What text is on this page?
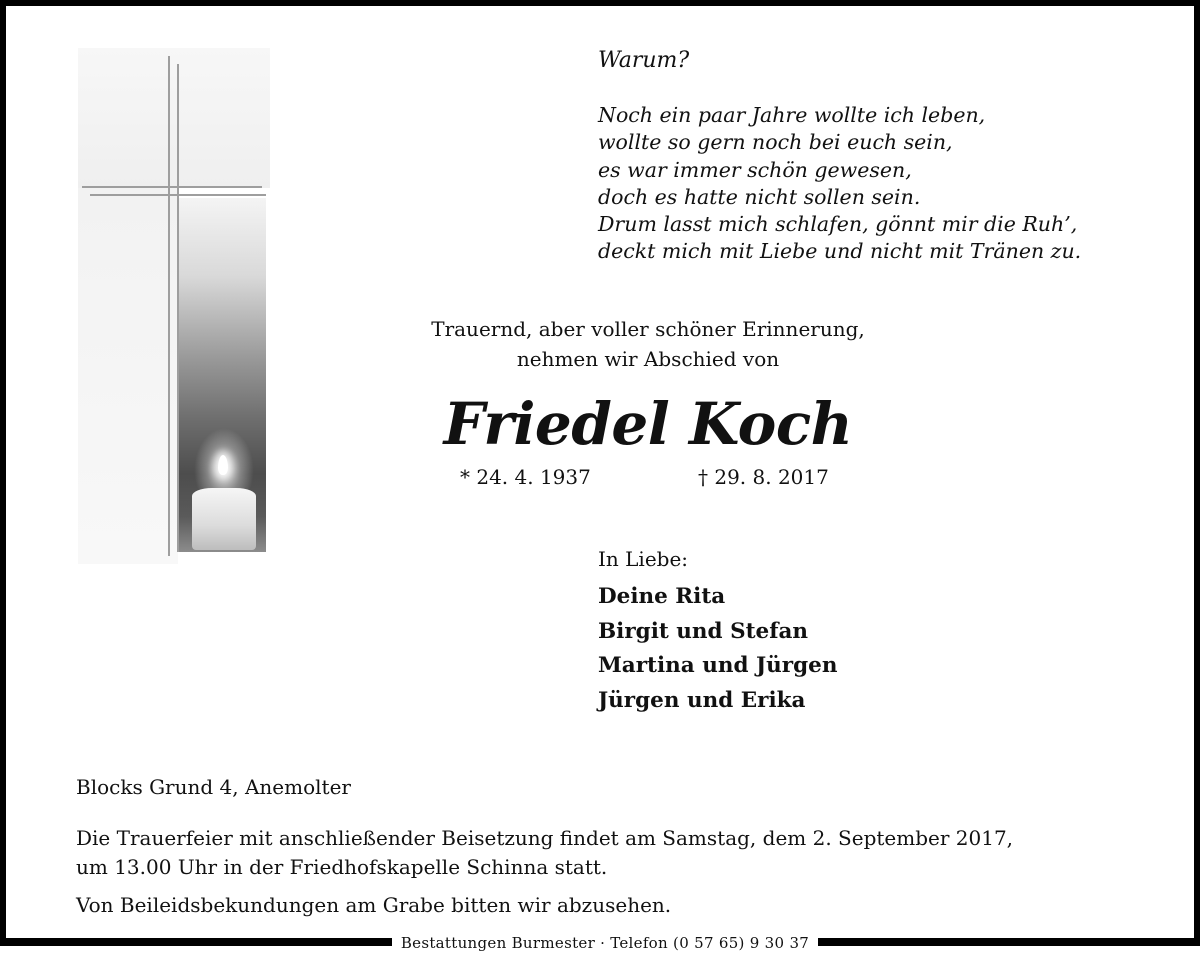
Warum?

Noch ein paar Jahre wollte ich leben,
wollte so gern noch bei euch sein,
es war immer schön gewesen,
doch es hatte nicht sollen sein.
Drum lasst mich schlafen, gönnt mir die Ruh’,
deckt mich mit Liebe und nicht mit Tränen zu.
Trauernd, aber voller schöner Erinnerung,
nehmen wir Abschied von
Friedel Koch
* 24. 4. 1937	† 29. 8. 2017
In Liebe:
Deine Rita
Birgit und Stefan
Martina und Jürgen
Jürgen und Erika
Blocks Grund 4, Anemolter
Die Trauerfeier mit anschließender Beisetzung findet am Samstag, dem 2. September 2017,
um 13.00 Uhr in der Friedhofskapelle Schinna statt.
Von Beileidsbekundungen am Grabe bitten wir abzusehen.
Bestattungen Burmester · Telefon (0 57 65) 9 30 37
